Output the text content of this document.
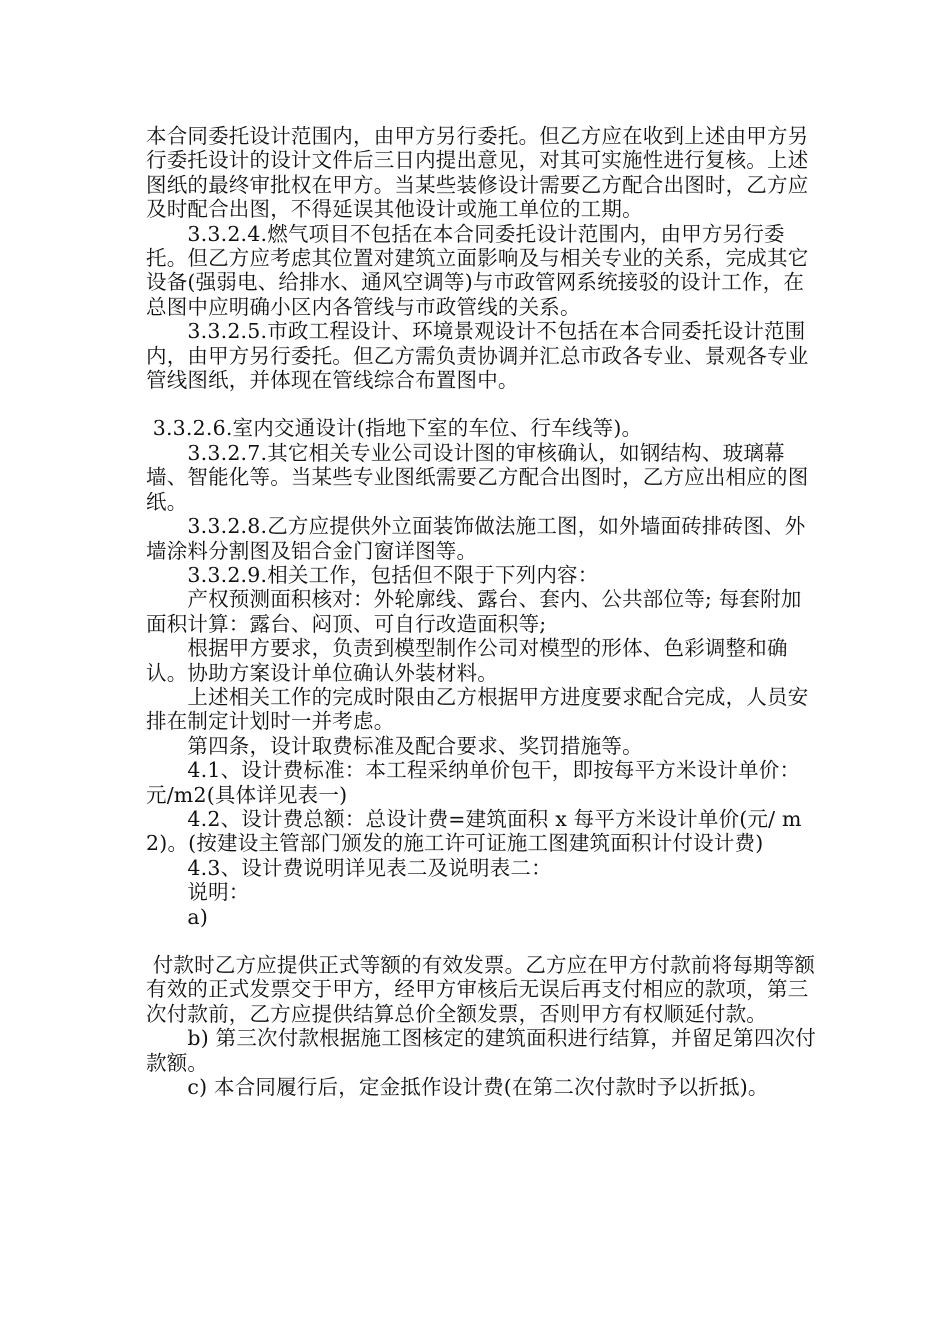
本合同委托设计范围内，由甲方另行委托。但乙方应在收到上述由甲方另行委托设计的设计文件后三日内提出意见，对其可实施性进行复核。上述图纸的最终审批权在甲方。当某些装修设计需要乙方配合出图时，乙方应及时配合出图，不得延误其他设计或施工单位的工期。

　　3.3.2.4.燃气项目不包括在本合同委托设计范围内，由甲方另行委托。但乙方应考虑其位置对建筑立面影响及与相关专业的关系，完成其它设备(强弱电、给排水、通风空调等)与市政管网系统接驳的设计工作，在总图中应明确小区内各管线与市政管线的关系。

　　3.3.2.5.市政工程设计、环境景观设计不包括在本合同委托设计范围内，由甲方另行委托。但乙方需负责协调并汇总市政各专业、景观各专业管线图纸，并体现在管线综合布置图中。

3.3.2.6.室内交通设计(指地下室的车位、行车线等)。

　　3.3.2.7.其它相关专业公司设计图的审核确认，如钢结构、玻璃幕墙、智能化等。当某些专业图纸需要乙方配合出图时，乙方应出相应的图纸。

　　3.3.2.8.乙方应提供外立面装饰做法施工图，如外墙面砖排砖图、外墙涂料分割图及铝合金门窗详图等。

　　3.3.2.9.相关工作，包括但不限于下列内容：

　　产权预测面积核对：外轮廓线、露台、套内、公共部位等; 每套附加面积计算：露台、闷顶、可自行改造面积等;

　　根据甲方要求，负责到模型制作公司对模型的形体、色彩调整和确认。协助方案设计单位确认外装材料。

　　上述相关工作的完成时限由乙方根据甲方进度要求配合完成，人员安排在制定计划时一并考虑。

　　第四条，设计取费标准及配合要求、奖罚措施等。

　　4.1、设计费标准：本工程采纳单价包干，即按每平方米设计单价：  元/m2(具体详见表一)

　　4.2、设计费总额：总设计费=建筑面积 x 每平方米设计单价(元/ m2)。(按建设主管部门颁发的施工许可证施工图建筑面积计付设计费)

　　4.3、设计费说明详见表二及说明表二：

　　说明：

　　a)

付款时乙方应提供正式等额的有效发票。乙方应在甲方付款前将每期等额有效的正式发票交于甲方，经甲方审核后无误后再支付相应的款项，第三次付款前，乙方应提供结算总价全额发票，否则甲方有权顺延付款。

　　b) 第三次付款根据施工图核定的建筑面积进行结算，并留足第四次付款额。

　　c) 本合同履行后，定金抵作设计费(在第二次付款时予以折抵)。
